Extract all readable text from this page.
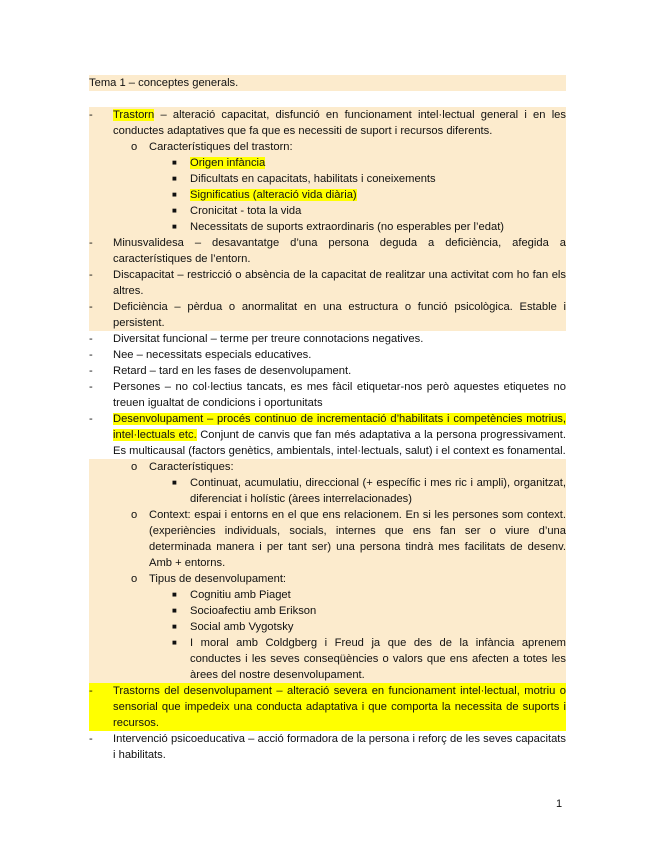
Tema 1 – conceptes generals.
- Trastorn – alteració capacitat, disfunció en funcionament intel·lectual general i en les conductes adaptatives que fa que es necessiti de suport i recursos diferents.
o Característiques del trastorn:
■ Origen infància
■ Dificultats en capacitats, habilitats i coneixements
■ Significatius (alteració vida diària)
■ Cronicitat - tota la vida
■ Necessitats de suports extraordinaris (no esperables per l’edat)
- Minusvalidesa – desavantatge d’una persona deguda a deficiència, afegida a característiques de l’entorn.
- Discapacitat – restricció o absència de la capacitat de realitzar una activitat com ho fan els altres.
- Deficiència – pèrdua o anormalitat en una estructura o funció psicològica. Estable i persistent.
- Diversitat funcional – terme per treure connotacions negatives.
- Nee – necessitats especials educatives.
- Retard – tard en les fases de desenvolupament.
- Persones – no col·lectius tancats, es mes fàcil etiquetar-nos però aquestes etiquetes no treuen igualtat de condicions i oportunitats
- Desenvolupament – procés continuo de incrementació d’habilitats i competències motrius, intel·lectuals etc. Conjunt de canvis que fan més adaptativa a la persona progressivament. Es multicausal (factors genètics, ambientals, intel·lectuals, salut) i el context es fonamental.
o Característiques:
■ Continuat, acumulatiu, direccional (+ específic i mes ric i ampli), organitzat, diferenciat i holístic (àrees interrelacionades)
o Context: espai i entorns en el que ens relacionem. En si les persones som context. (experiències individuals, socials, internes que ens fan ser o viure d’una determinada manera i per tant ser) una persona tindrà mes facilitats de desenv. Amb + entorns.
o Tipus de desenvolupament:
■ Cognitiu amb Piaget
■ Socioafectiu amb Erikson
■ Social amb Vygotsky
■ I moral amb Coldgberg i Freud ja que des de la infància aprenem conductes i les seves conseqüències o valors que ens afecten a totes les àrees del nostre desenvolupament.
- Trastorns del desenvolupament – alteració severa en funcionament intel·lectual, motriu o sensorial que impedeix una conducta adaptativa i que comporta la necessita de suports i recursos.
- Intervenció psicoeducativa – acció formadora de la persona i reforç de les seves capacitats i habilitats.
1
